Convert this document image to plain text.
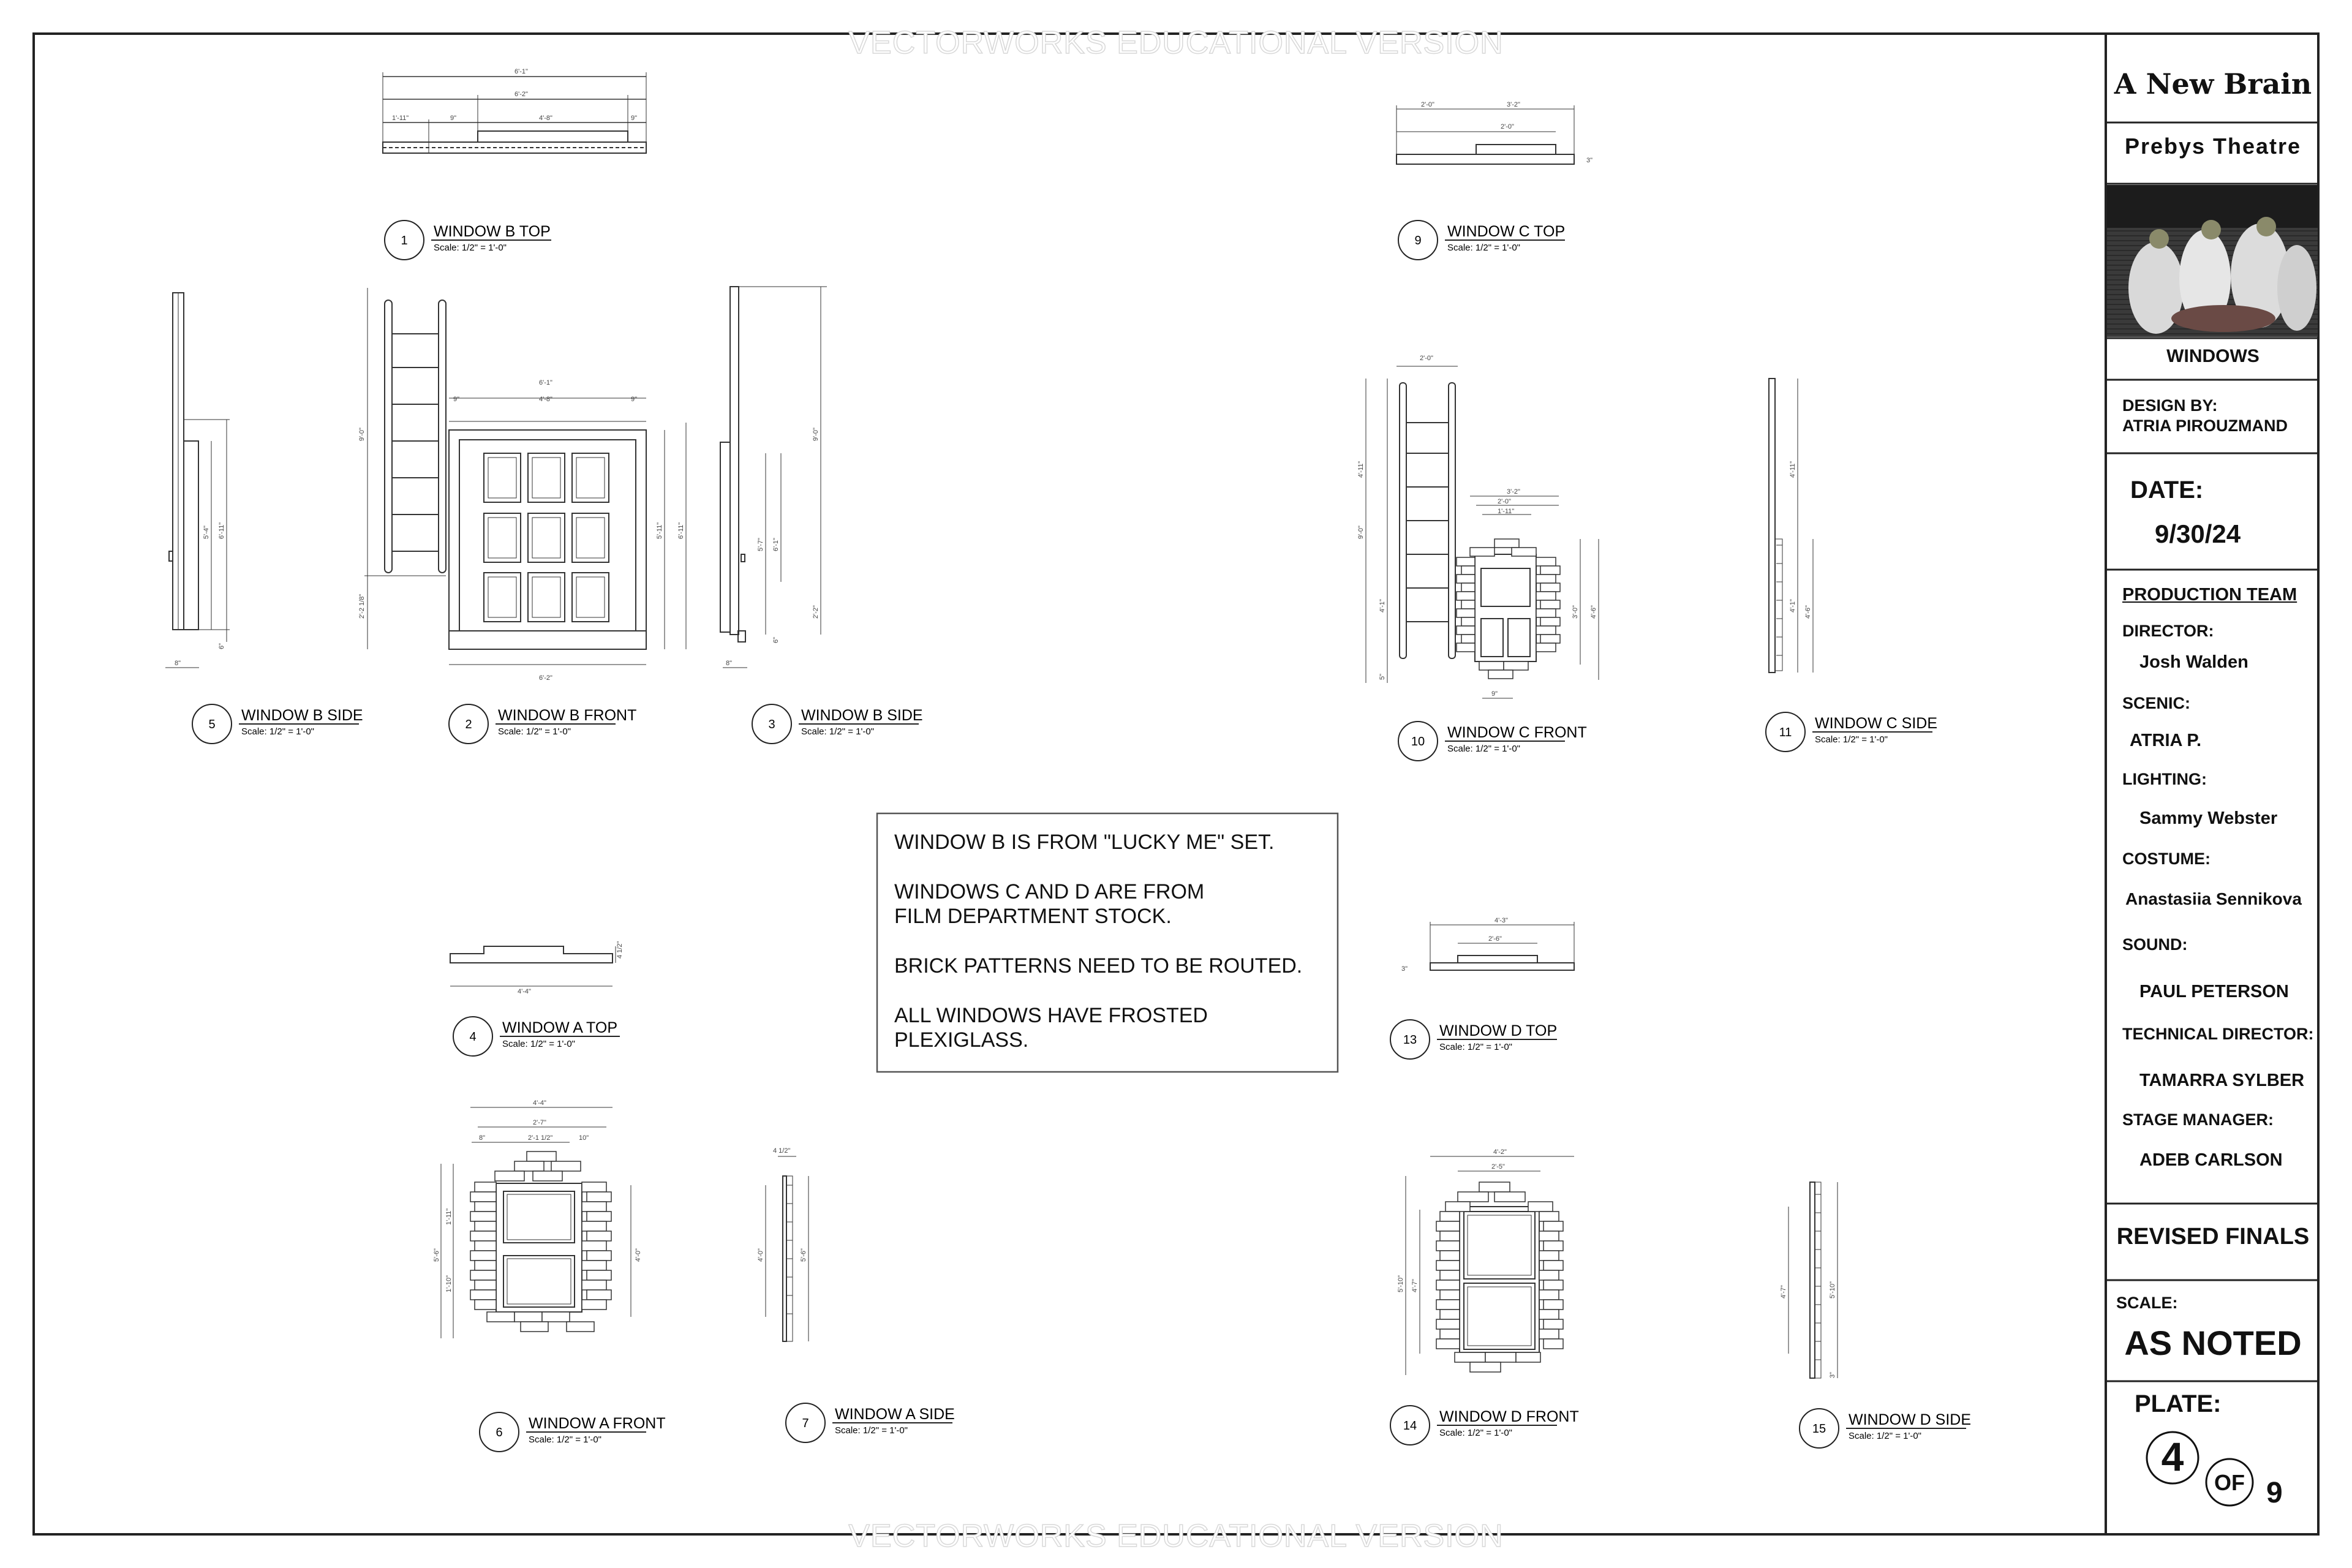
6'-1"
6'-2"
1'-11"	9"	4'-8"	9"
5'-4" 6'-11"
6"
8"
6'-1"
4'-8"
9"	9"
6'-2"
9'-0"
2'-2 1/8"
5'-11" 6'-11"
9'-0"
5'-7" 6'-1"
2'-2"
6"
8"
2'-0"	3'-2"
2'-0"
3"
2'-0"
3'-2"
2'-0"
1'-11"
4'-11"
9'-0"
4'-1"
5"
3'-0" 4'-6"
9"
4'-11"
4'-1" 4'-6"
4'-4"
4 1/2"
4'-4"
2'-7"
2'-1 1/2"
8"	10"
5'-6"
1'-11"
1'-10"
4'-0"
4 1/2"
4'-0"	5'-6"
4'-3"
2'-6"
3"
4'-2"
2'-5"
5'-10" 4'-7"	4'-7"	5'-10"
3"
1
WINDOW B TOP
Scale: 1/2" = 1'-0"
2
WINDOW B FRONT
Scale: 1/2" = 1'-0"
3
WINDOW B SIDE
Scale: 1/2" = 1'-0"
4
WINDOW A TOP
Scale: 1/2" = 1'-0"
5
WINDOW B SIDE
Scale: 1/2" = 1'-0"
6
WINDOW A FRONT
Scale: 1/2" = 1'-0"
7
WINDOW A SIDE
Scale: 1/2" = 1'-0"
9
WINDOW C TOP
Scale: 1/2" = 1'-0"
10
WINDOW C FRONT
Scale: 1/2" = 1'-0"
11
WINDOW C SIDE
Scale: 1/2" = 1'-0"
13
WINDOW D TOP
Scale: 1/2" = 1'-0"
14
WINDOW D FRONT
Scale: 1/2" = 1'-0"	15
WINDOW D SIDE
Scale: 1/2" = 1'-0"
VECTORWORKS EDUCATIONAL VERSION
VECTORWORKS EDUCATIONAL VERSION
WINDOW B IS FROM "LUCKY ME" SET.
WINDOWS C AND D ARE FROM
FILM DEPARTMENT STOCK.
BRICK PATTERNS NEED TO BE ROUTED.
ALL WINDOWS HAVE FROSTED
PLEXIGLASS.
A New Brain
Prebys Theatre
WINDOWS
DESIGN BY:
ATRIA PIROUZMAND
DATE:
9/30/24
PRODUCTION TEAM
DIRECTOR:
Josh Walden
SCENIC:
ATRIA P.
LIGHTING:
Sammy Webster
COSTUME:
Anastasiia Sennikova
SOUND:
PAUL PETERSON
TECHNICAL DIRECTOR:
TAMARRA SYLBER
STAGE MANAGER:
ADEB CARLSON
REVISED FINALS
SCALE:
AS NOTED
PLATE:
4
OF 9
